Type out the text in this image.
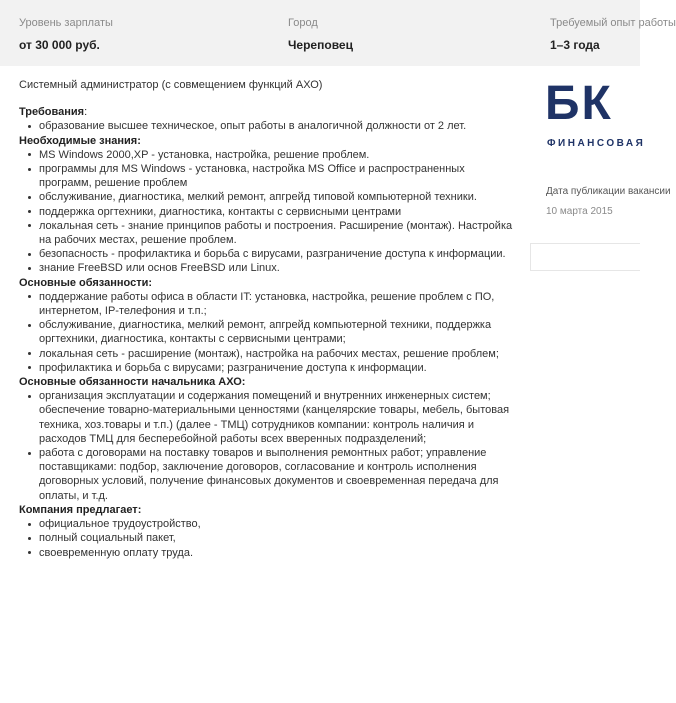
Уровень зарплаты
от 30 000 руб.
Город
Череповец
Требуемый опыт работы
1–3 года

Системный администратор (с совмещением функций АХО)

Требования:

образование высшее техническое, опыт работы в аналогичной должности от 2 лет.

Необходимые знания:

MS Windows 2000,XP - установка, настройка, решение проблем.
программы для MS Windows - установка, настройка MS Office и распространенных программ, решение проблем
обслуживание, диагностика, мелкий ремонт, апгрейд типовой компьютерной техники.
поддержка оргтехники, диагностика, контакты с сервисными центрами
локальная сеть - знание принципов работы и построения. Расширение (монтаж). Настройка на рабочих местах, решение проблем.
безопасность - профилактика и борьба с вирусами, разграничение доступа к информации.
знание FreeBSD или основ FreeBSD или Linux.

Основные обязанности:

поддержание работы офиса в области IT: установка, настройка, решение проблем с ПО, интернетом, IP-телефония и т.п.;
обслуживание, диагностика, мелкий ремонт, апгрейд компьютерной техники, поддержка оргтехники, диагностика, контакты с сервисными центрами;
локальная сеть - расширение (монтаж), настройка на рабочих местах, решение проблем;
профилактика и борьба с вирусами; разграничение доступа к информации.

Основные обязанности начальника АХО:

организация эксплуатации и содержания помещений и внутренних инженерных систем; обеспечение товарно-материальными ценностями (канцелярские товары, мебель, бытовая техника, хоз.товары и т.п.) (далее - ТМЦ) сотрудников компании: контроль наличия и расходов ТМЦ для бесперебойной работы всех вверенных подразделений;
работа с договорами на поставку товаров и выполнения ремонтных работ; управление поставщиками: подбор, заключение договоров, согласование и контроль исполнения договорных условий, получение финансовых документов и своевременная передача для оплаты, и т.д.

Компания предлагает:

официальное трудоустройство,
полный социальный пакет,
своевременную оплату труда.
БК
ФИНАНСОВАЯ
Дата публикации вакансии
10 марта 2015
